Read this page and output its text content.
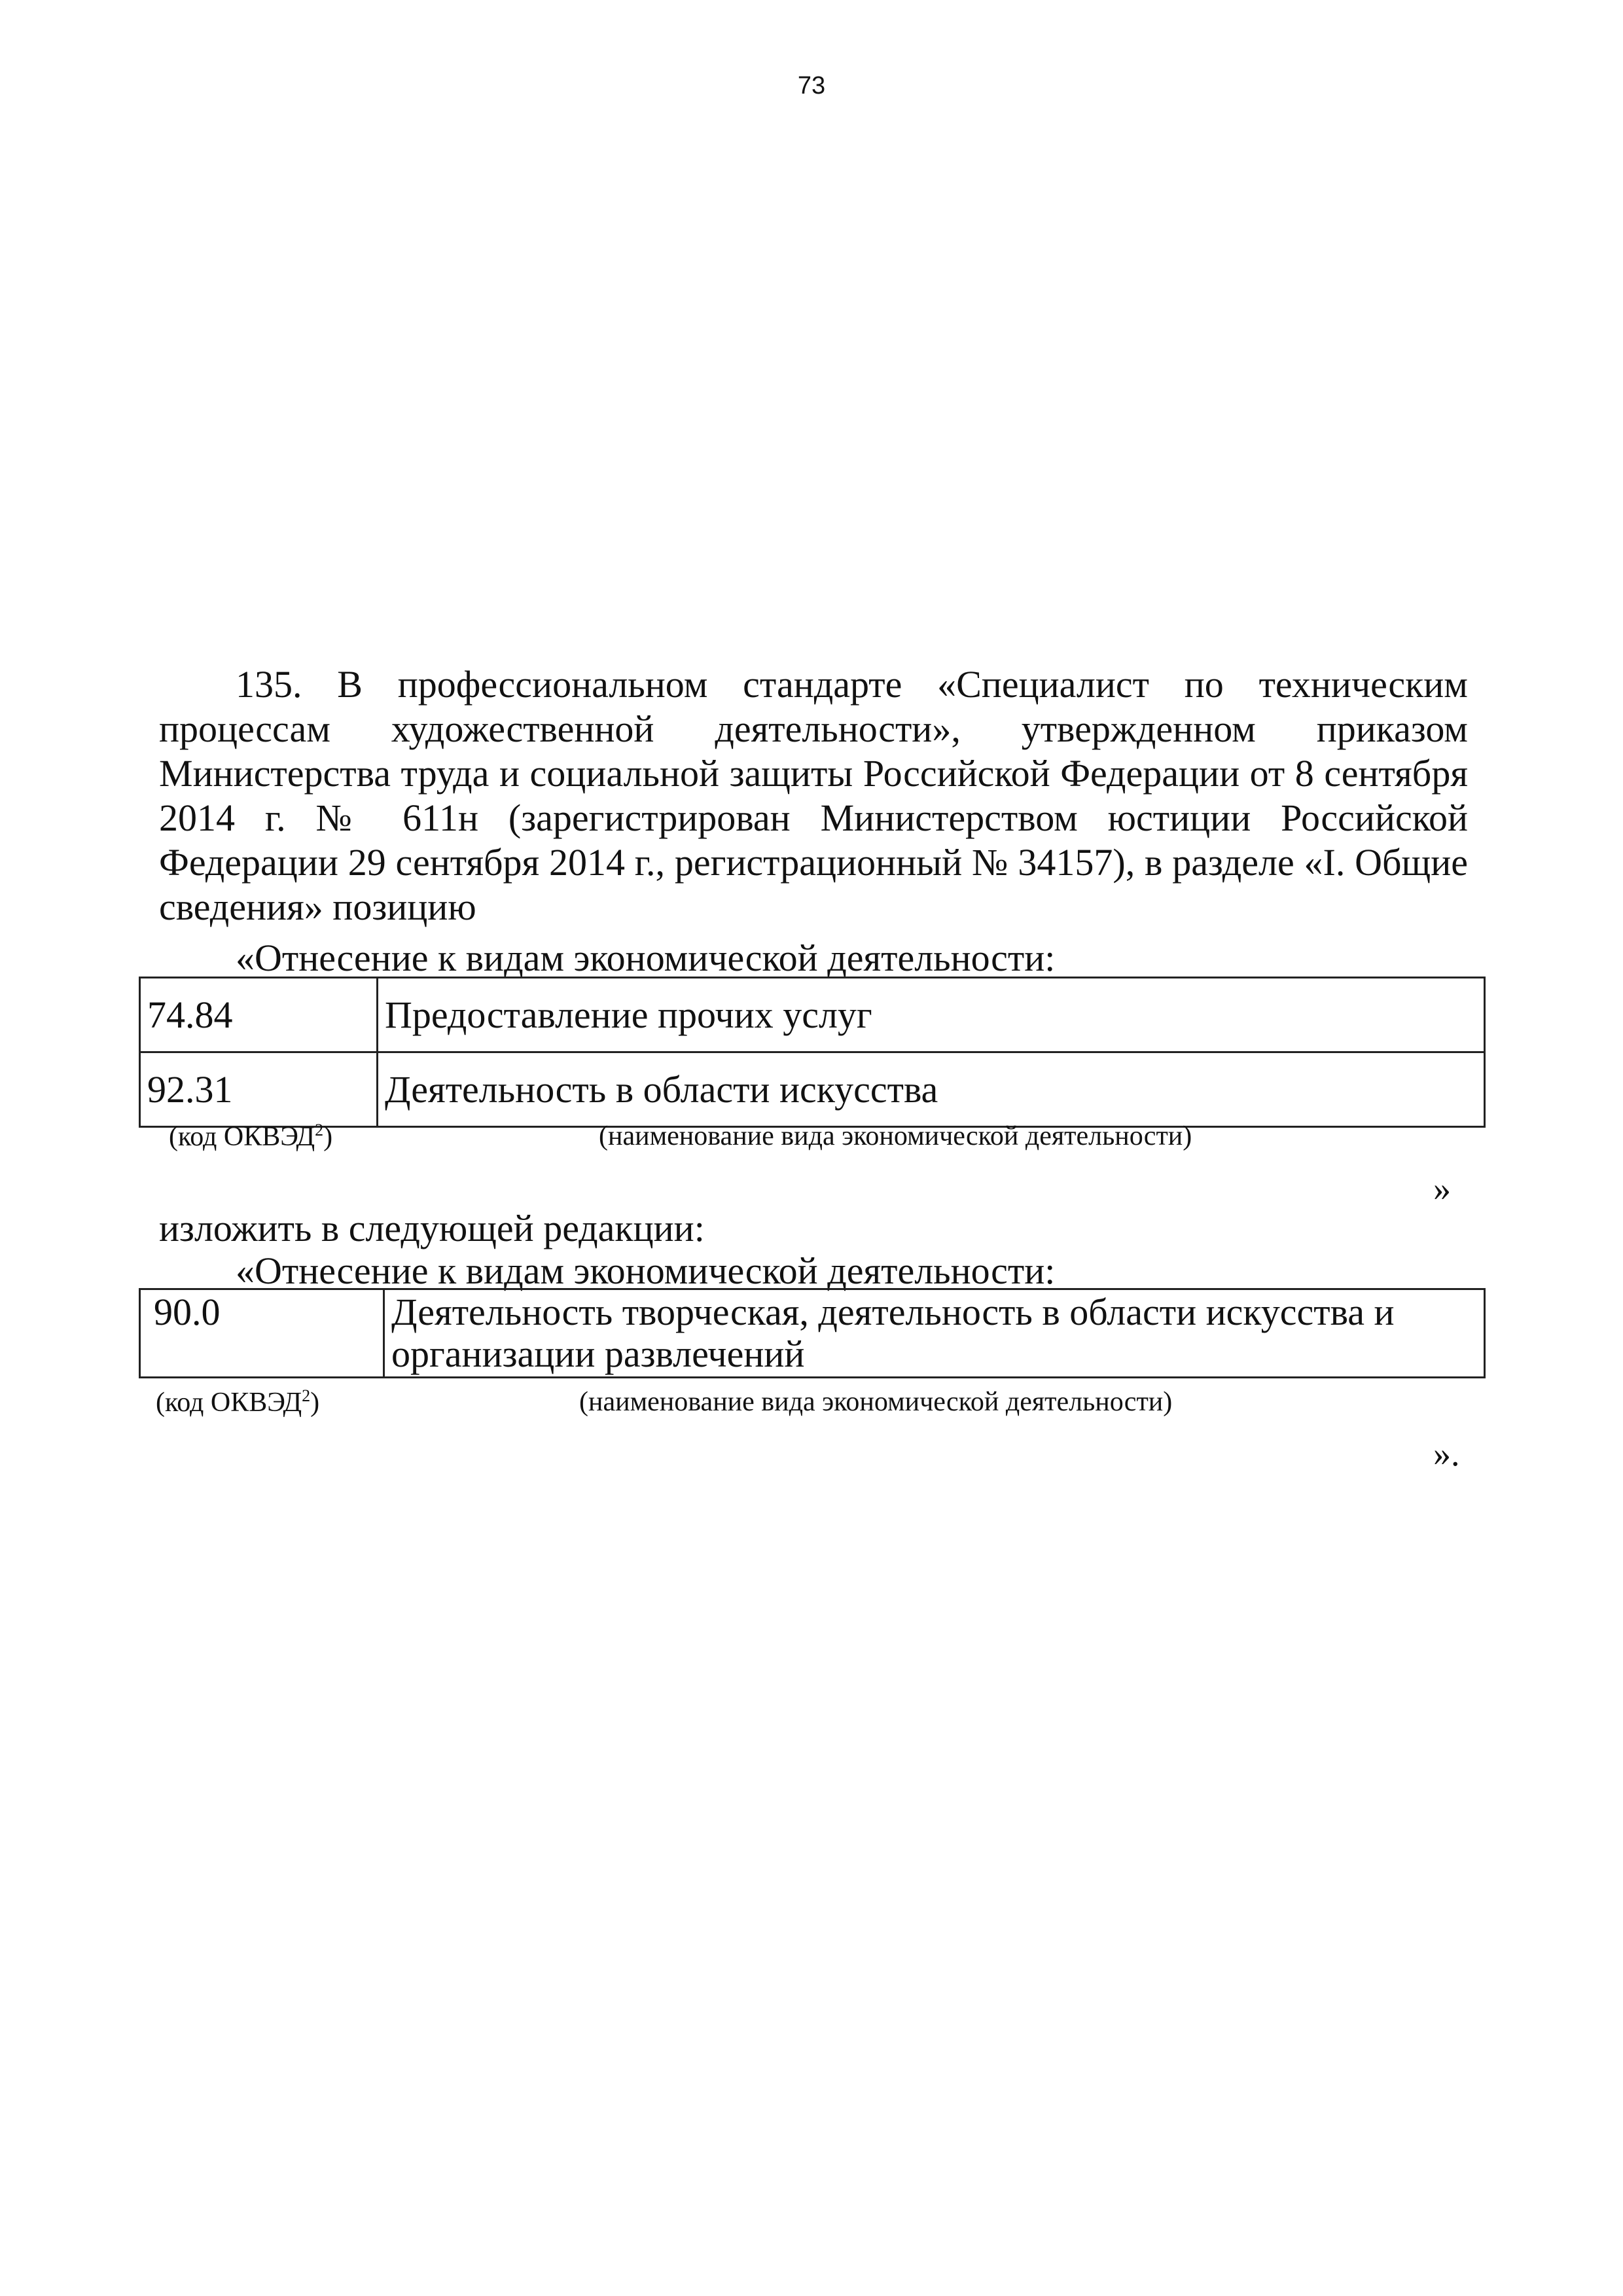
73

135. В профессиональном стандарте «Специалист по техническим процессам художественной деятельности», утвержденном приказом Министерства труда и социальной защиты Российской Федерации от 8 сентября 2014 г. № 611н (зарегистрирован Министерством юстиции Российской Федерации 29 сентября 2014 г., регистрационный № 34157), в разделе «I. Общие сведения» позицию

«Отнесение к видам экономической деятельности:
74.84	Предоставление прочих услуг
92.31	Деятельность в области искусства
(код ОКВЭД$^2$)	(наименование вида экономической деятельности)
»
изложить в следующей редакции:
«Отнесение к видам экономической деятельности:
90.0	Деятельность творческая, деятельность в области искусства и организации развлечений
(код ОКВЭД$^2$)	(наименование вида экономической деятельности)
».
